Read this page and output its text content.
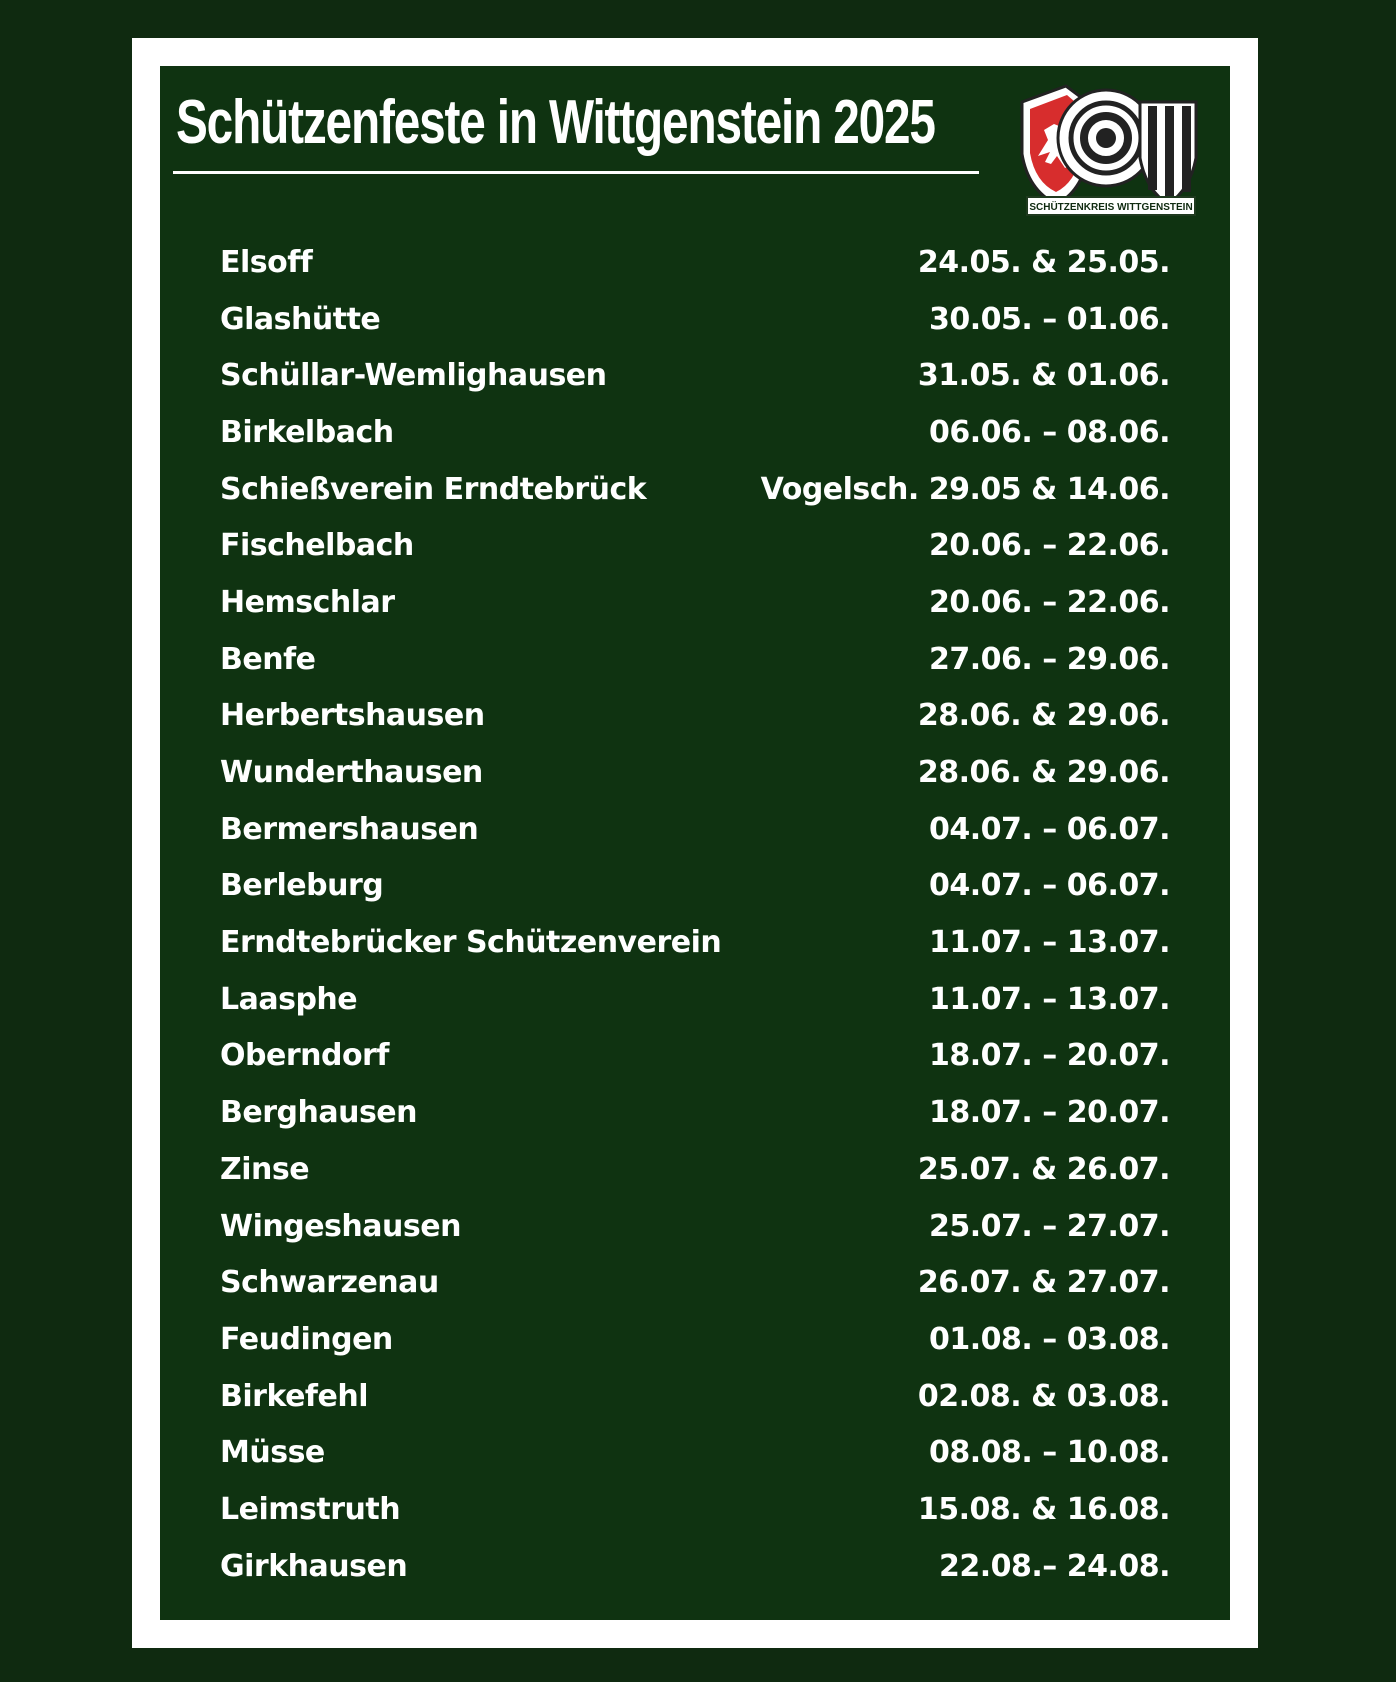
Schützenfeste in Wittgenstein 2025
SCHÜTZENKREIS WITTGENSTEIN
Elsoff	24.05. & 25.05.
Glashütte	30.05. – 01.06.
Schüllar-Wemlighausen	31.05. & 01.06.
Birkelbach	06.06. – 08.06.
Schießverein Erndtebrück	Vogelsch. 29.05 & 14.06.
Fischelbach	20.06. – 22.06.
Hemschlar	20.06. – 22.06.
Benfe	27.06. – 29.06.
Herbertshausen	28.06. & 29.06.
Wunderthausen	28.06. & 29.06.
Bermershausen	04.07. – 06.07.
Berleburg	04.07. – 06.07.
Erndtebrücker Schützenverein	11.07. – 13.07.
Laasphe	11.07. – 13.07.
Oberndorf	18.07. – 20.07.
Berghausen	18.07. – 20.07.
Zinse	25.07. & 26.07.
Wingeshausen	25.07. – 27.07.
Schwarzenau	26.07. & 27.07.
Feudingen	01.08. – 03.08.
Birkefehl	02.08. & 03.08.
Müsse	08.08. – 10.08.
Leimstruth	15.08. & 16.08.
Girkhausen	22.08.– 24.08.
